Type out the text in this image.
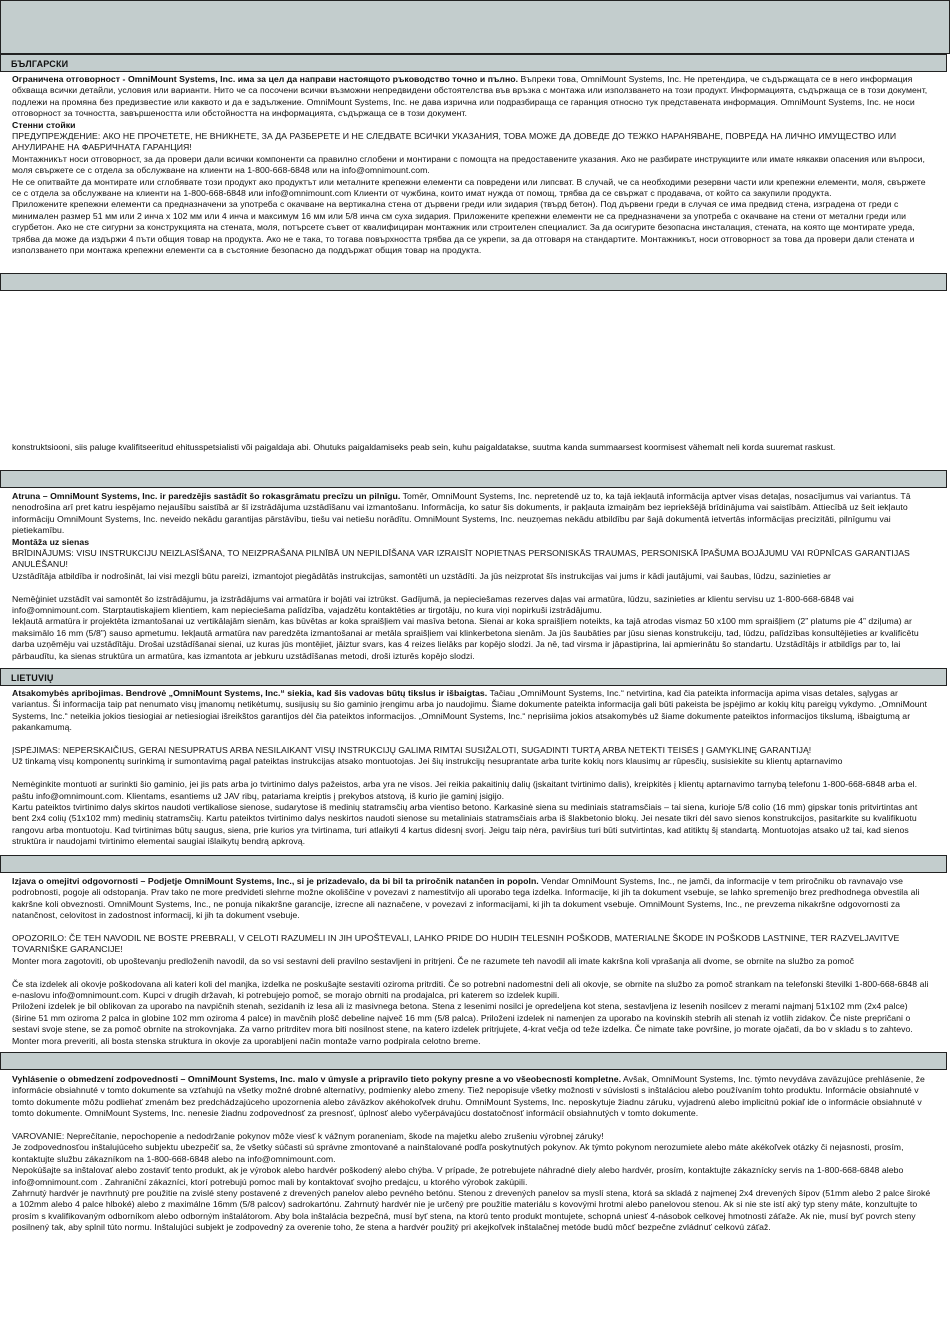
БЪЛГАРСКИ

Ограничена отговорност - OmniMount Systems, Inc. има за цел да направи настоящото ръководство точно и пълно. Въпреки това, OmniMount Systems, Inc. Не претендира, че съдържащата се в него информация обхваща всички детайли, условия или варианти. Нито че са посочени всички възможни непредвидени обстоятелства във връзка с монтажа или използването на този продукт. Информацията, съдържаща се в този документ, подлежи на промяна без предизвестие или каквото и да е задължение. OmniMount Systems, Inc. не дава изрична или подразбираща се гаранция относно тук представената информация. OmniMount Systems, Inc. не носи отговорност за точността, завършеността или обстойността на информацията, съдържаща се в този документ.

Стенни стойки

ПРЕДУПРЕЖДЕНИЕ: АКО НЕ ПРОЧЕТЕТЕ, НЕ ВНИКНЕТЕ, ЗА ДА РАЗБЕРЕТЕ И НЕ СЛЕДВАТЕ ВСИЧКИ УКАЗАНИЯ, ТОВА МОЖЕ ДА ДОВЕДЕ ДО ТЕЖКО НАРАНЯВАНЕ, ПОВРЕДА НА ЛИЧНО ИМУЩЕСТВО ИЛИ АНУЛИРАНЕ НА ФАБРИЧНАТА ГАРАНЦИЯ!

Монтажникът носи отговорност, за да провери дали всички компоненти са правилно сглобени и монтирани с помощта на предоставените указания. Ако не разбирате инструкциите или имате някакви опасения или въпроси, моля свържете се с отдела за обслужване на клиенти на 1-800-668-6848 или на info@omnimount.com.

Не се опитвайте да монтирате или сглобявате този продукт ако продуктът или металните крепежни елементи са повредени или липсват. В случай, че са необходими резервни части или крепежни елементи, моля, свържете се с отдела за обслужване на клиенти на 1-800-668-6848 или info@omnimount.com Клиенти от чужбина, които имат нужда от помощ, трябва да се свържат с продавача, от който са закупили продукта.

Приложените крепежни елементи са предназначени за употреба с окачване на вертикална стена от дървени греди или зидария (твърд бетон). Под дървени греди в случая се има предвид стена, изградена от греди с минимален размер 51 мм или 2 инча x 102 мм или 4 инча и максимум 16 мм или 5/8 инча см суха зидария. Приложените крепежни елементи не са предназначени за употреба с окачване на стени от метални греди или сгурбетон. Ако не сте сигурни за конструкцията на стената, моля, потърсете съвет от квалифициран монтажник или строителен специалист. За да осигурите безопасна инсталация, стената, на която ще монтирате уреда, трябва да може да издържи 4 пъти общия товар на продукта. Ако не е така, то тогава повърхността трябва да се укрепи, за да отговаря на стандартите. Монтажникът, носи отговорност за това да провери дали стената и използването при монтажа крепежни елементи са в състояние безопасно да поддържат общия товар на продукта.

konstruktsiooni, siis paluge kvalifitseeritud ehitusspetsialisti või paigaldaja abi. Ohutuks paigaldamiseks peab sein, kuhu paigaldatakse, suutma kanda summaarsest koormisest vähemalt neli korda suuremat raskust.

Atruna – OmniMount Systems, Inc. ir paredzējis sastādīt šo rokasgrāmatu precīzu un pilnīgu. Tomēr, OmniMount Systems, Inc. nepretendē uz to, ka tajā iekļautā informācija aptver visas detaļas, nosacījumus vai variantus. Tā nenodrošina arī pret katru iespējamo nejaušību saistībā ar šī izstrādājuma uzstādīšanu vai izmantošanu. Informācija, ko satur šis dokuments, ir pakļauta izmaiņām bez iepriekšējā brīdinājuma vai saistībām. Attiecībā uz šeit iekļauto informāciju OmniMount Systems, Inc. neveido nekādu garantijas pārstāvību, tiešu vai netiešu norādītu. OmniMount Systems, Inc. neuzņemas nekādu atbildību par šajā dokumentā ietvertās informācijas precizitāti, pilnīgumu vai pietiekamību.

Montāža uz sienas

BRĪDINĀJUMS: VISU INSTRUKCIJU NEIZLASĪŠANA, TO NEIZPRAŠANA PILNĪBĀ UN NEPILDĪŠANA VAR IZRAISĪT NOPIETNAS PERSONISKĀS TRAUMAS, PERSONISKĀ ĪPAŠUMA BOJĀJUMU VAI RŪPNĪCAS GARANTIJAS ANULĒŠANU!

Uzstādītāja atbildība ir nodrošināt, lai visi mezgli būtu pareizi, izmantojot piegādātās instrukcijas, samontēti un uzstādīti. Ja jūs neizprotat šīs instrukcijas vai jums ir kādi jautājumi, vai šaubas, lūdzu, sazinieties ar

Nemēģiniet uzstādīt vai samontēt šo izstrādājumu, ja izstrādājums vai armatūra ir bojāti vai iztrūkst. Gadījumā, ja nepieciešamas rezerves daļas vai armatūra, lūdzu, sazinieties ar klientu servisu uz 1-800-668-6848 vai info@omnimount.com. Starptautiskajiem klientiem, kam nepieciešama palīdzība, vajadzētu kontaktēties ar tirgotāju, no kura viņi nopirkuši izstrādājumu.

Iekļautā armatūra ir projektēta izmantošanai uz vertikālajām sienām, kas būvētas ar koka spraišļiem vai masīva betona. Sienai ar koka spraišļiem noteikts, ka tajā atrodas vismaz 50 x100 mm spraišļiem (2” platums pie 4” dziļuma) ar maksimālo 16 mm (5/8”) sauso apmetumu. Iekļautā armatūra nav paredzēta izmantošanai ar metāla spraišļiem vai klinkerbetona sienām. Ja jūs šaubāties par jūsu sienas konstrukciju, tad, lūdzu, palīdzības konsultējieties ar kvalificētu darba uzņēmēju vai uzstādītāju. Drošai uzstādīšanai sienai, uz kuras jūs montējiet, jāiztur svars, kas 4 reizes lielāks par kopējo slodzi. Ja nē, tad virsma ir jāpastiprina, lai apmierinātu šo standartu. Uzstādītājs ir atbildīgs par to, lai pārbaudītu, ka sienas struktūra un armatūra, kas izmantota ar jebkuru uzstādīšanas metodi, droši izturēs kopējo slodzi.

LIETUVIŲ

Atsakomybės apribojimas. Bendrovė „OmniMount Systems, Inc.“ siekia, kad šis vadovas būtų tikslus ir išbaigtas. Tačiau „OmniMount Systems, Inc.“ netvirtina, kad čia pateikta informacija apima visas detales, sąlygas ar variantus. Ši informacija taip pat nenumato visų įmanomų netikėtumų, susijusių su šio gaminio įrengimu arba jo naudojimu. Šiame dokumente pateikta informacija gali būti pakeista be įspėjimo ar kokių kitų pareigų vykdymo. „OmniMount Systems, Inc.“ neteikia jokios tiesiogiai ar netiesiogiai išreikštos garantijos dėl čia pateiktos informacijos. „OmniMount Systems, Inc.“ neprisiima jokios atsakomybės už šiame dokumente pateiktos informacijos tikslumą, išbaigtumą ar pakankamumą.

ĮSPĖJIMAS: NEPERSKAIČIUS, GERAI NESUPRATUS ARBA NESILAIKANT VISŲ INSTRUKCIJŲ GALIMA RIMTAI SUSIŽALOTI, SUGADINTI TURTĄ ARBA NETEKTI TEISĖS Į GAMYKLINĘ GARANTIJĄ!

Už tinkamą visų komponentų surinkimą ir sumontavimą pagal pateiktas instrukcijas atsako montuotojas. Jei šių instrukcijų nesuprantate arba turite kokių nors klausimų ar rūpesčių, susisiekite su klientų aptarnavimo

Nemėginkite montuoti ar surinkti šio gaminio, jei jis pats arba jo tvirtinimo dalys pažeistos, arba yra ne visos. Jei reikia pakaitinių dalių (įskaitant tvirtinimo dalis), kreipkitės į klientų aptarnavimo tarnybą telefonu 1-800-668-6848 arba el. paštu info@omnimount.com. Klientams, esantiems už JAV ribų, patariama kreiptis į prekybos atstovą, iš kurio jie gaminį įsigijo.

Kartu pateiktos tvirtinimo dalys skirtos naudoti vertikaliose sienose, sudarytose iš medinių statramsčių arba vientiso betono. Karkasinė siena su mediniais statramsčiais – tai siena, kurioje 5/8 colio (16 mm) gipskar tonis pritvirtintas ant bent 2x4 colių (51x102 mm) medinių statramsčių. Kartu pateiktos tvirtinimo dalys neskirtos naudoti sienose su metaliniais statramsčiais arba iš šlakbetonio blokų. Jei nesate tikri dėl savo sienos konstrukcijos, pasitarkite su kvalifikuotu rangovu arba montuotoju. Kad tvirtinimas būtų saugus, siena, prie kurios yra tvirtinama, turi atlaikyti 4 kartus didesnį svorį. Jeigu taip nėra, paviršius turi būti sutvirtintas, kad atitiktų šį standartą. Montuotojas atsako už tai, kad sienos struktūra ir naudojami tvirtinimo elementai saugiai išlaikytų bendrą apkrovą.

Izjava o omejitvi odgovornosti – Podjetje OmniMount Systems, Inc., si je prizadevalo, da bi bil ta priročnik natančen in popoln. Vendar OmniMount Systems, Inc., ne jamči, da informacije v tem priročniku ob ravnavajo vse podrobnosti, pogoje ali odstopanja. Prav tako ne more predvideti slehrne možne okoliščine v povezavi z namestitvijo ali uporabo tega izdelka. Informacije, ki jih ta dokument vsebuje, se lahko spremenijo brez predhodnega obvestila ali kakršne koli obveznosti. OmniMount Systems, Inc., ne ponuja nikakršne garancije, izrecne ali naznačene, v povezavi z informacijami, ki jih ta dokument vsebuje. OmniMount Systems, Inc., ne prevzema nikakršne odgovornosti za natančnost, celovitost in zadostnost informacij, ki jih ta dokument vsebuje.

OPOZORILO: ČE TEH NAVODIL NE BOSTE PREBRALI, V CELOTI RAZUMELI IN JIH UPOŠTEVALI, LAHKO PRIDE DO HUDIH TELESNIH POŠKODB, MATERIALNE ŠKODE IN POŠKODB LASTNINE, TER RAZVELJAVITVE TOVARNIŠKE GARANCIJE!

Monter mora zagotoviti, ob upoštevanju predloženih navodil, da so vsi sestavni deli pravilno sestavljeni in pritrjeni. Če ne razumete teh navodil ali imate kakršna koli vprašanja ali dvome, se obrnite na službo za pomoč

Če sta izdelek ali okovje poškodovana ali kateri koli del manjka, izdelka ne poskušajte sestaviti oziroma pritrditi. Če so potrebni nadomestni deli ali okovje, se obrnite na službo za pomoč strankam na telefonski številki 1-800-668-6848 ali e-naslovu info@omnimount.com. Kupci v drugih državah, ki potrebujejo pomoč, se morajo obrniti na prodajalca, pri katerem so izdelek kupili.

Priloženi izdelek je bil oblikovan za uporabo na navpičnih stenah, sezidanih iz lesa ali iz masivnega betona. Stena z lesenimi nosilci je opredeljena kot stena, sestavljena iz lesenih nosilcev z merami najmanj 51x102 mm (2x4 palce) (širine 51 mm oziroma 2 palca in globine 102 mm oziroma 4 palce) in mavčnih plošč debeline največ 16 mm (5/8 palca). Priloženi izdelek ni namenjen za uporabo na kovinskih stebrih ali stenah iz votlih zidakov. Če niste prepričani o sestavi svoje stene, se za pomoč obrnite na strokovnjaka. Za varno pritrditev mora biti nosilnost stene, na katero izdelek pritrjujete, 4-krat večja od teže izdelka. Če nimate take površine, jo morate ojačati, da bo v skladu s to zahtevo. Monter mora preveriti, ali bosta stenska struktura in okovje za uporabljeni način montaže varno podpirala celotno breme.

Vyhlásenie o obmedzení zodpovednosti – OmniMount Systems, Inc. malo v úmysle a pripravilo tieto pokyny presne a vo všeobecnosti kompletne. Avšak, OmniMount Systems, Inc. týmto nevydáva zaväzujúce prehlásenie, že informácie obsiahnuté v tomto dokumente sa vzťahujú na všetky možné drobné alternatívy, podmienky alebo zmeny. Tiež nepopisuje všetky možnosti v súvislosti s inštaláciou alebo používaním tohto produktu. Informácie obsiahnuté v tomto dokumente môžu podliehať zmenám bez predchádzajúceho upozornenia alebo záväzkov akéhokoľvek druhu. OmniMount Systems, Inc. neposkytuje žiadnu záruku, vyjadrenú alebo implicitnú pokiaľ ide o informácie obsiahnuté v tomto dokumente. OmniMount Systems, Inc. nenesie žiadnu zodpovednosť za presnosť, úplnosť alebo vyčerpávajúcu dostatočnosť informácií obsiahnutých v tomto dokumente.

VAROVANIE: Neprečítanie, nepochopenie a nedodržanie pokynov môže viesť k vážnym poraneniam, škode na majetku alebo zrušeniu výrobnej záruky!

Je zodpovednosťou inštalujúceho subjektu ubezpečiť sa, že všetky súčasti sú správne zmontované a nainštalované podľa poskytnutých pokynov. Ak týmto pokynom nerozumiete alebo máte akékoľvek otázky či nejasnosti, prosím, kontaktujte službu zákazníkom na 1-800-668-6848 alebo na info@omnimount.com.

Nepokúšajte sa inštalovať alebo zostaviť tento produkt, ak je výrobok alebo hardvér poškodený alebo chýba. V prípade, že potrebujete náhradné diely alebo hardvér, prosím, kontaktujte zákaznícky servis na 1-800-668-6848 alebo info@omnimount.com . Zahraniční zákazníci, ktorí potrebujú pomoc mali by kontaktovať svojho predajcu, u ktorého výrobok zakúpili.

Zahrnutý hardvér je navrhnutý pre použitie na zvislé steny postavené z drevených panelov alebo pevného betónu. Stenou z drevených panelov sa myslí stena, ktorá sa skladá z najmenej 2x4 drevených šípov (51mm alebo 2 palce široké a 102mm alebo 4 palce hlboké) alebo z maximálne 16mm (5/8 palcov) sadrokartónu. Zahrnutý hardvér nie je určený pre použitie materiálu s kovovými hrotmi alebo panelovou stenou. Ak si nie ste istí aký typ steny máte, konzultujte to prosím s kvalifikovaným odborníkom alebo odborným inštalátorom. Aby bola inštalácia bezpečná, musí byť stena, na ktorú tento produkt montujete, schopná uniesť 4-násobok celkovej hmotnosti záťaže. Ak nie, musí byť povrch steny posilnený tak, aby splnil túto normu. Inštalujúci subjekt je zodpovedný za overenie toho, že stena a hardvér použitý pri akejkoľvek inštalačnej metóde budú môcť bezpečne zvládnuť celkovú záťaž.
